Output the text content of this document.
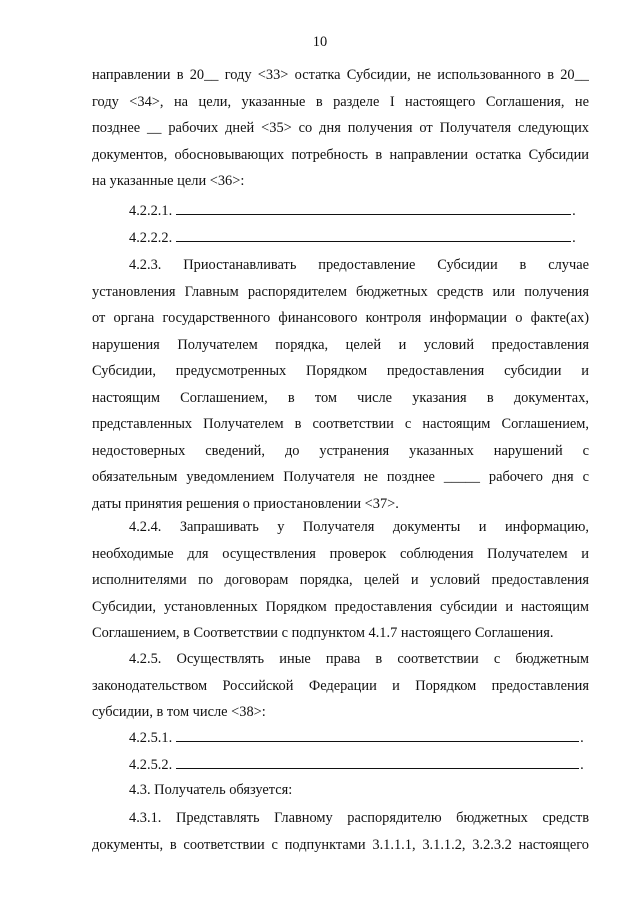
10
направлении в 20__ году <33> остатка Субсидии, не использованного в 20__
году <34>, на цели, указанные в разделе I настоящего Соглашения, не
позднее __ рабочих дней <35> со дня получения от Получателя следующих
документов, обосновывающих потребность в направлении остатка Субсидии
на указанные цели <36>:
4.2.2.1.	.
4.2.2.2.	.
4.2.3. Приостанавливать предоставление Субсидии в случае
установления Главным распорядителем бюджетных средств или получения
от органа государственного финансового контроля информации о факте(ах)
нарушения Получателем порядка, целей и условий предоставления
Субсидии, предусмотренных Порядком предоставления субсидии и
настоящим Соглашением, в том числе указания в документах,
представленных Получателем в соответствии с настоящим Соглашением,
недостоверных сведений, до устранения указанных нарушений с
обязательным уведомлением Получателя не позднее _____ рабочего дня с
даты принятия решения о приостановлении <37>.
4.2.4. Запрашивать у Получателя документы и информацию,
необходимые для осуществления проверок соблюдения Получателем и
исполнителями по договорам порядка, целей и условий предоставления
Субсидии, установленных Порядком предоставления субсидии и настоящим
Соглашением, в Соответствии с подпунктом 4.1.7 настоящего Соглашения.
4.2.5. Осуществлять иные права в соответствии с бюджетным
законодательством Российской Федерации и Порядком предоставления
субсидии, в том числе <38>:
4.2.5.1.	.
4.2.5.2.	.
4.3. Получатель обязуется:
4.3.1. Представлять Главному распорядителю бюджетных средств
документы, в соответствии с подпунктами 3.1.1.1, 3.1.1.2, 3.2.3.2 настоящего
